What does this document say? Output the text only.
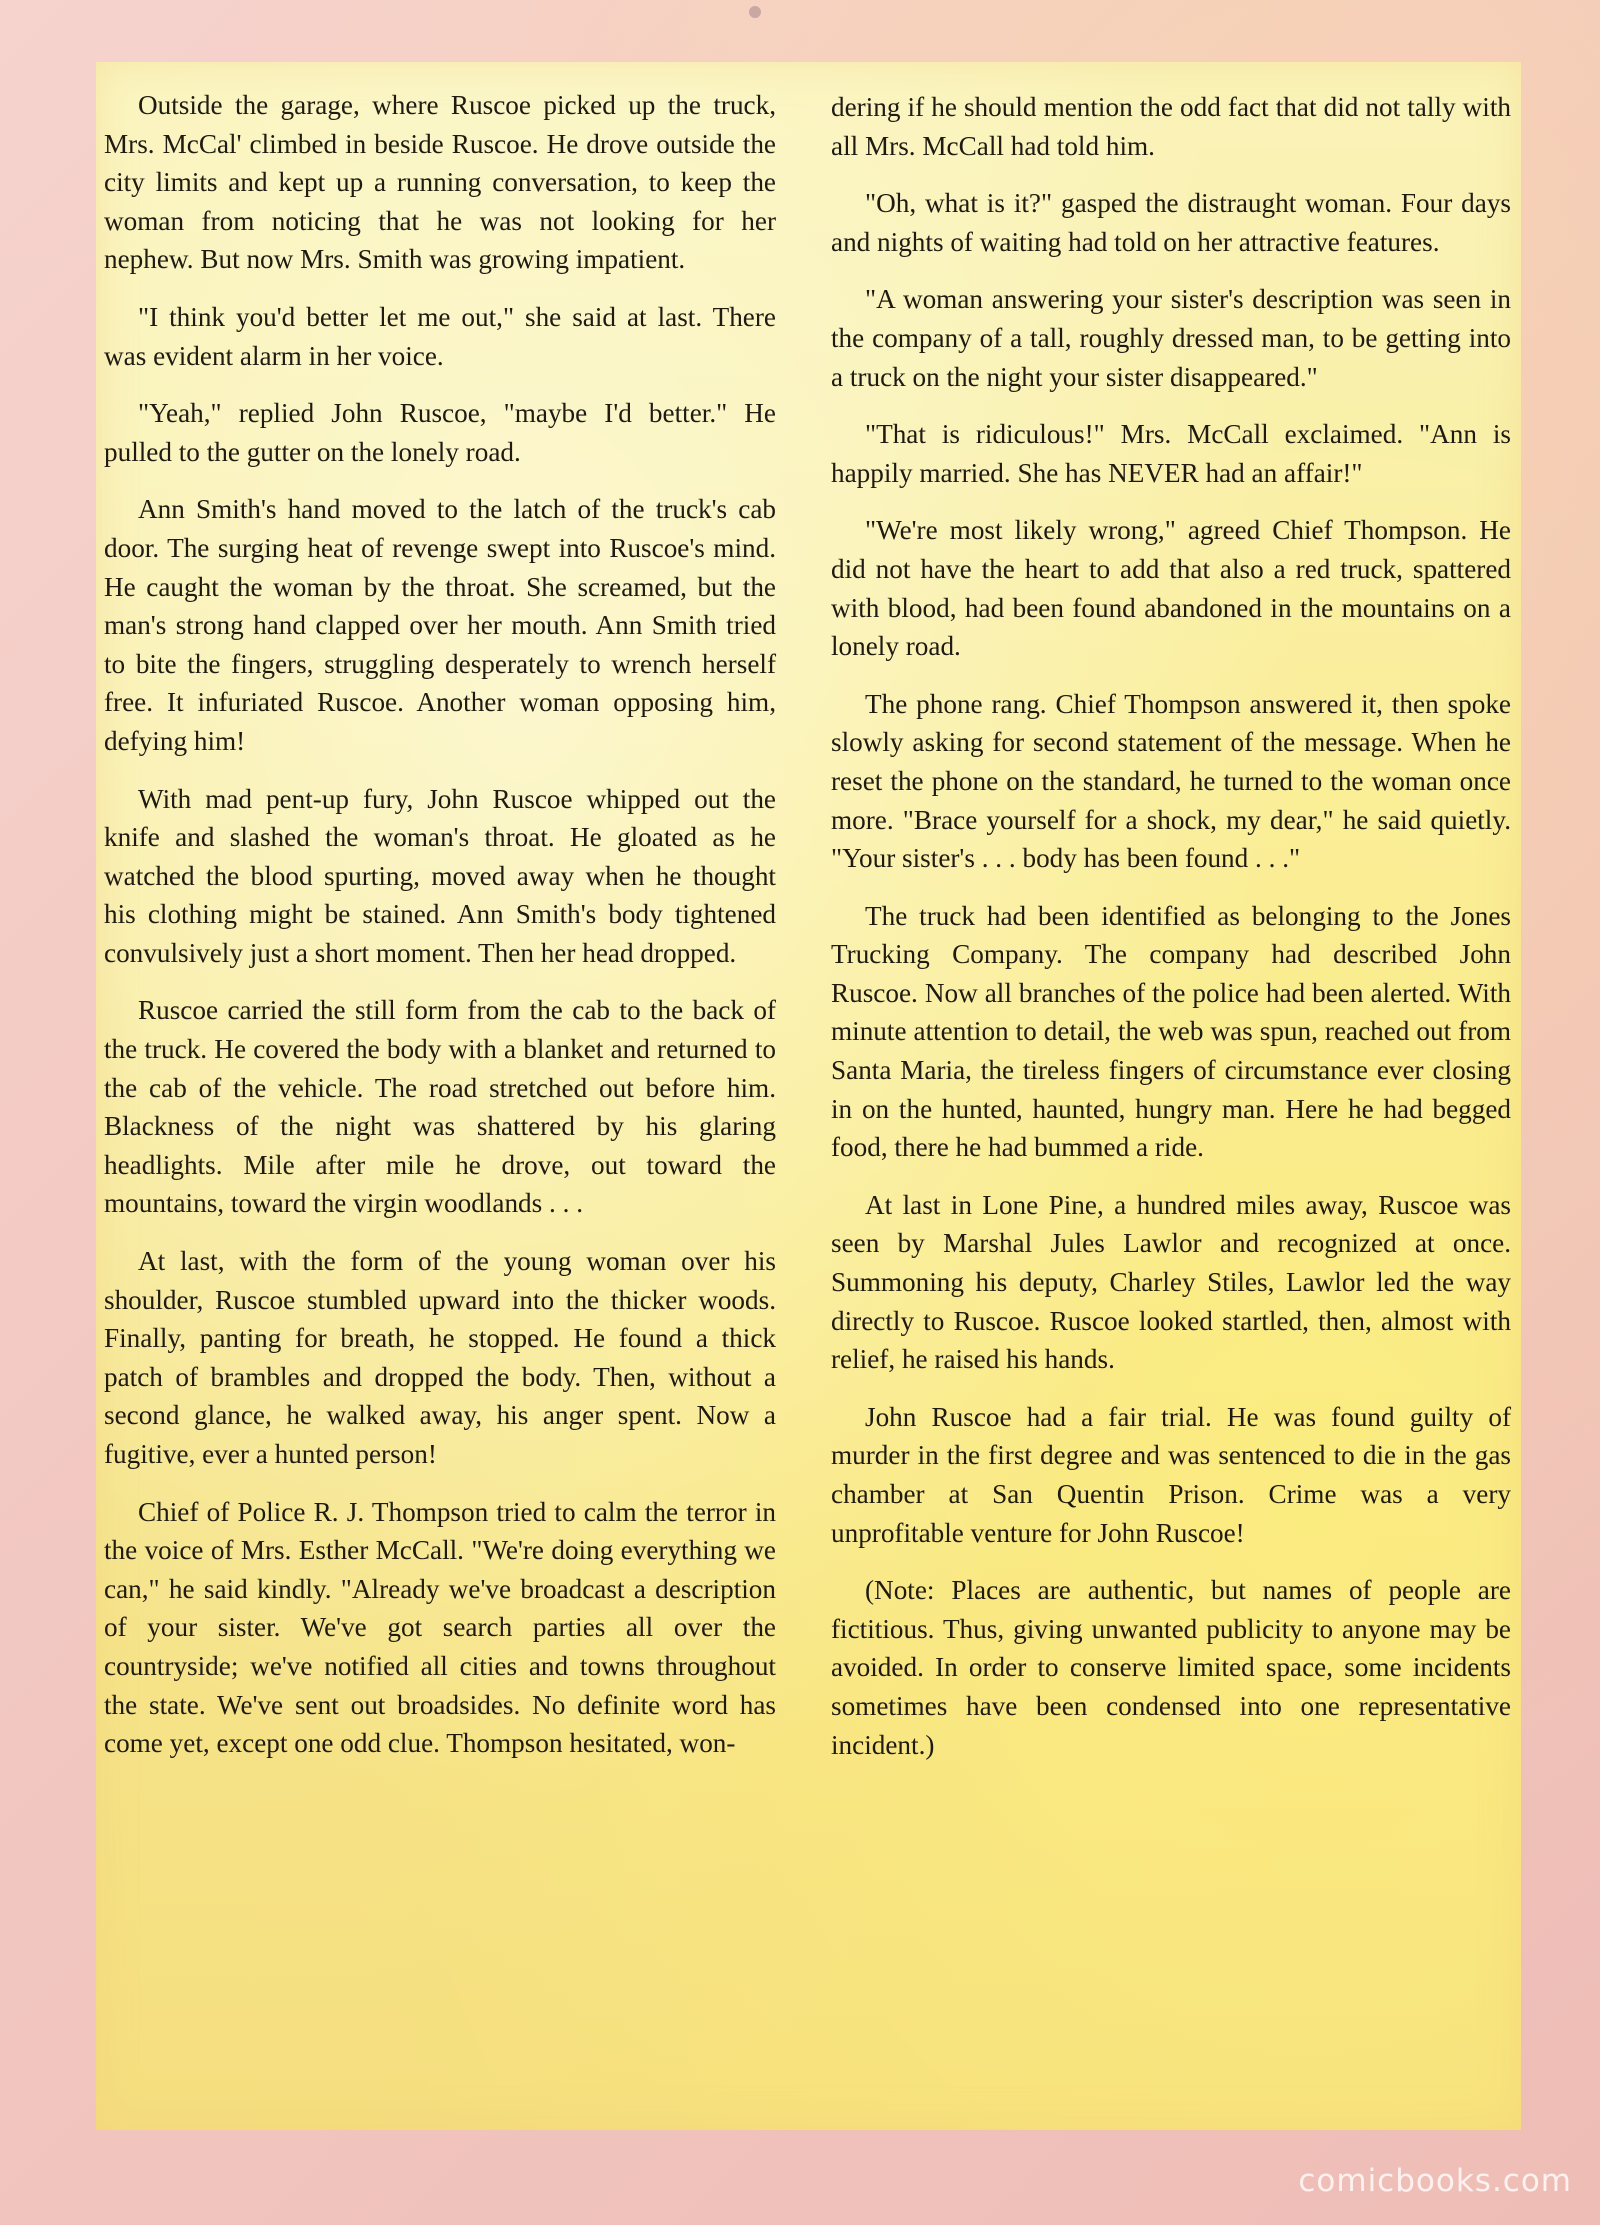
Outside the garage, where Ruscoe picked up the truck, Mrs. McCal' climbed in beside Ruscoe. He drove outside the city limits and kept up a running conversation, to keep the woman from noticing that he was not looking for her nephew. But now Mrs. Smith was growing impatient.

"I think you'd better let me out," she said at last. There was evident alarm in her voice.

"Yeah," replied John Ruscoe, "maybe I'd better." He pulled to the gutter on the lonely road.

Ann Smith's hand moved to the latch of the truck's cab door. The surging heat of revenge swept into Ruscoe's mind. He caught the woman by the throat. She screamed, but the man's strong hand clapped over her mouth. Ann Smith tried to bite the fingers, struggling desperately to wrench herself free. It infuriated Ruscoe. Another woman opposing him, defying him!

With mad pent-up fury, John Ruscoe whipped out the knife and slashed the woman's throat. He gloated as he watched the blood spurting, moved away when he thought his clothing might be stained. Ann Smith's body tightened convulsively just a short moment. Then her head dropped.

Ruscoe carried the still form from the cab to the back of the truck. He covered the body with a blanket and returned to the cab of the vehicle. The road stretched out before him. Blackness of the night was shattered by his glaring headlights. Mile after mile he drove, out toward the mountains, toward the virgin woodlands . . .

At last, with the form of the young woman over his shoulder, Ruscoe stumbled upward into the thicker woods. Finally, panting for breath, he stopped. He found a thick patch of brambles and dropped the body. Then, without a second glance, he walked away, his anger spent. Now a fugitive, ever a hunted person!

Chief of Police R. J. Thompson tried to calm the terror in the voice of Mrs. Esther McCall. "We're doing everything we can," he said kindly. "Already we've broadcast a description of your sister. We've got search parties all over the countryside; we've notified all cities and towns throughout the state. We've sent out broadsides. No definite word has come yet, except one odd clue. Thompson hesitated, won-

dering if he should mention the odd fact that did not tally with all Mrs. McCall had told him.

"Oh, what is it?" gasped the distraught woman. Four days and nights of waiting had told on her attractive features.

"A woman answering your sister's description was seen in the company of a tall, roughly dressed man, to be getting into a truck on the night your sister disappeared."

"That is ridiculous!" Mrs. McCall exclaimed. "Ann is happily married. She has NEVER had an affair!"

"We're most likely wrong," agreed Chief Thompson. He did not have the heart to add that also a red truck, spattered with blood, had been found abandoned in the mountains on a lonely road.

The phone rang. Chief Thompson answered it, then spoke slowly asking for second statement of the message. When he reset the phone on the standard, he turned to the woman once more. "Brace yourself for a shock, my dear," he said quietly. "Your sister's . . . body has been found . . ."

The truck had been identified as belonging to the Jones Trucking Company. The company had described John Ruscoe. Now all branches of the police had been alerted. With minute attention to detail, the web was spun, reached out from Santa Maria, the tireless fingers of circumstance ever closing in on the hunted, haunted, hungry man. Here he had begged food, there he had bummed a ride.

At last in Lone Pine, a hundred miles away, Ruscoe was seen by Marshal Jules Lawlor and recognized at once. Summoning his deputy, Charley Stiles, Lawlor led the way directly to Ruscoe. Ruscoe looked startled, then, almost with relief, he raised his hands.

John Ruscoe had a fair trial. He was found guilty of murder in the first degree and was sentenced to die in the gas chamber at San Quentin Prison. Crime was a very unprofitable venture for John Ruscoe!

(Note: Places are authentic, but names of people are fictitious. Thus, giving unwanted publicity to anyone may be avoided. In order to conserve limited space, some incidents sometimes have been condensed into one representative incident.)

comicbooks.com
